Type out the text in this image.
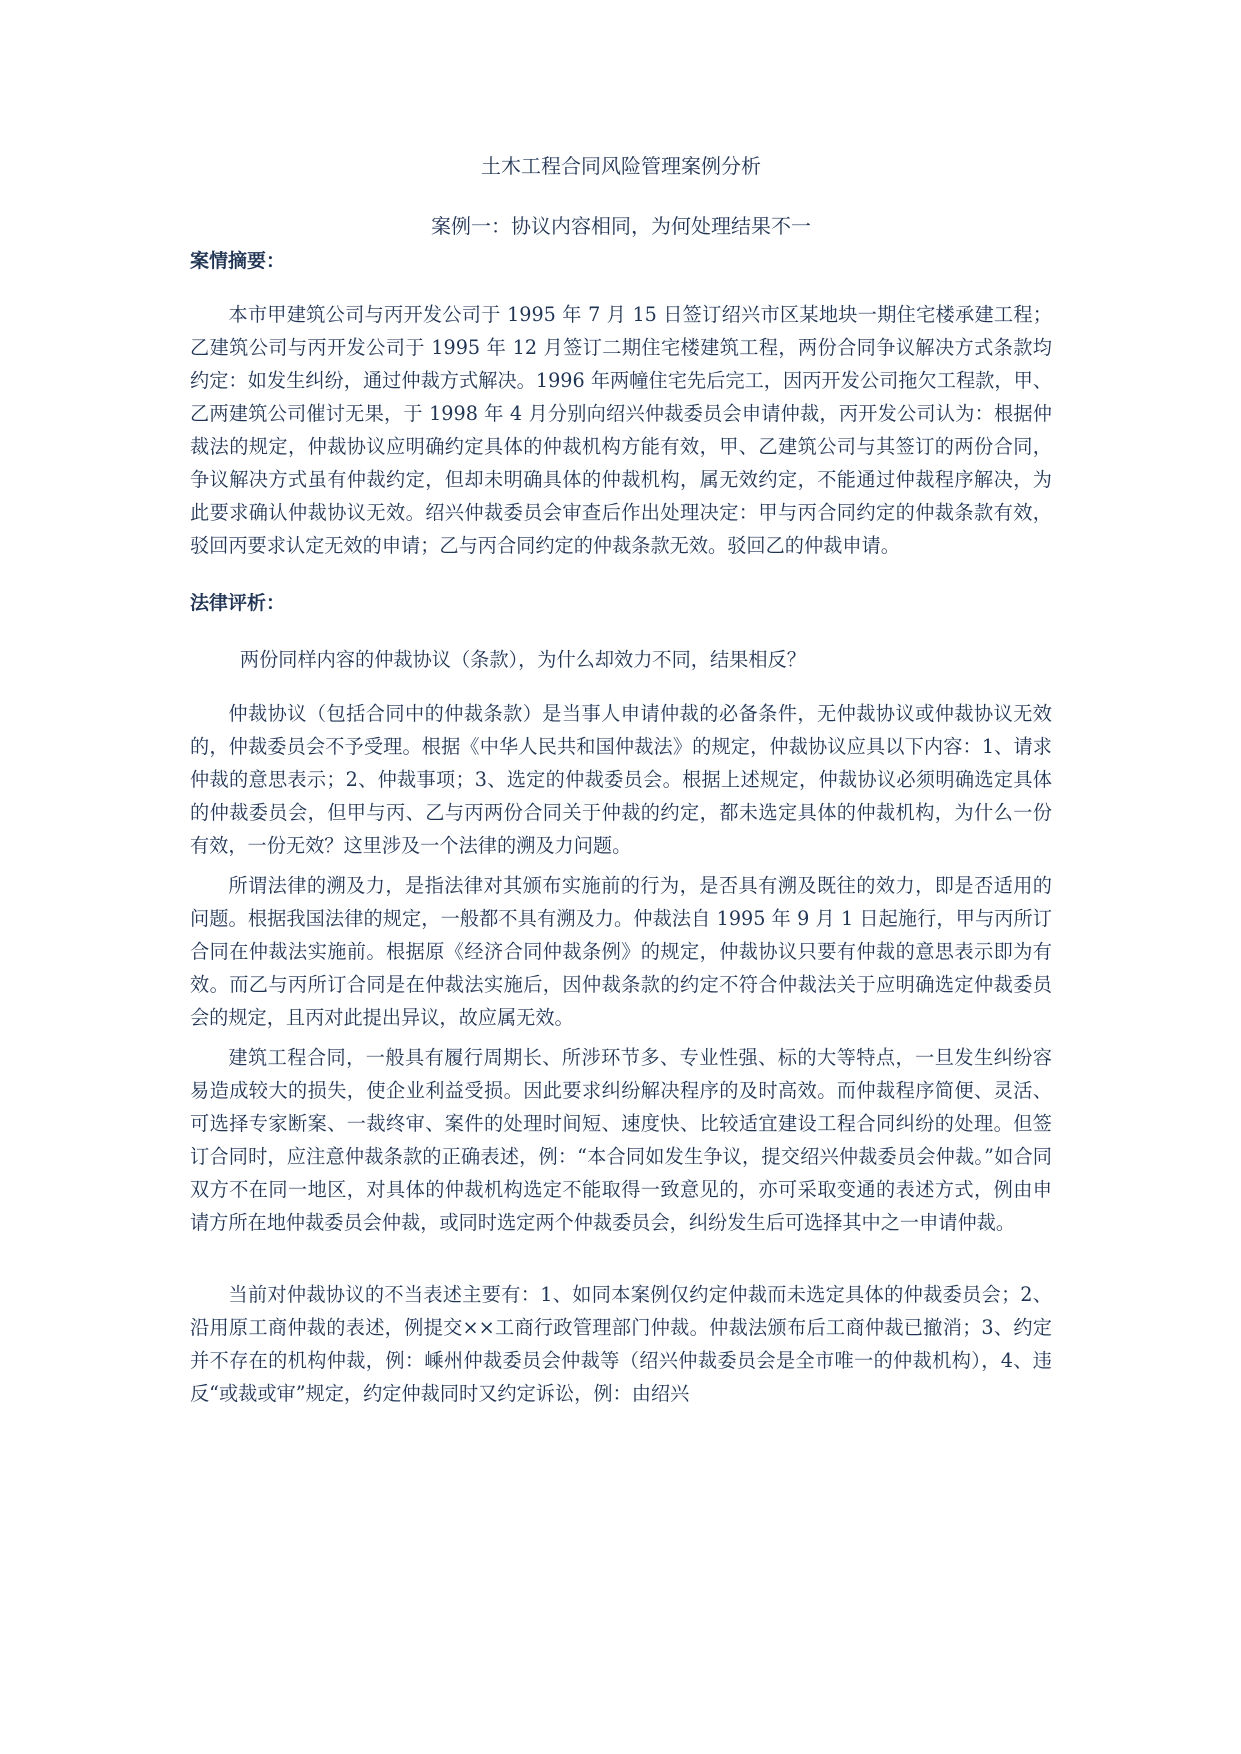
土木工程合同风险管理案例分析
案例一：协议内容相同，为何处理结果不一
案情摘要：

本市甲建筑公司与丙开发公司于 1995 年 7 月 15 日签订绍兴市区某地块一期住宅楼承建工程；乙建筑公司与丙开发公司于 1995 年 12 月签订二期住宅楼建筑工程，两份合同争议解决方式条款均约定：如发生纠纷，通过仲裁方式解决。1996 年两幢住宅先后完工，因丙开发公司拖欠工程款，甲、乙两建筑公司催讨无果，于 1998 年 4 月分别向绍兴仲裁委员会申请仲裁，丙开发公司认为：根据仲裁法的规定，仲裁协议应明确约定具体的仲裁机构方能有效，甲、乙建筑公司与其签订的两份合同，争议解决方式虽有仲裁约定，但却未明确具体的仲裁机构，属无效约定，不能通过仲裁程序解决，为此要求确认仲裁协议无效。绍兴仲裁委员会审查后作出处理决定：甲与丙合同约定的仲裁条款有效，驳回丙要求认定无效的申请；乙与丙合同约定的仲裁条款无效。驳回乙的仲裁申请。

法律评析：

两份同样内容的仲裁协议（条款），为什么却效力不同，结果相反？

仲裁协议（包括合同中的仲裁条款）是当事人申请仲裁的必备条件，无仲裁协议或仲裁协议无效的，仲裁委员会不予受理。根据《中华人民共和国仲裁法》的规定，仲裁协议应具以下内容：1、请求仲裁的意思表示；2、仲裁事项；3、选定的仲裁委员会。根据上述规定，仲裁协议必须明确选定具体的仲裁委员会，但甲与丙、乙与丙两份合同关于仲裁的约定，都未选定具体的仲裁机构，为什么一份有效，一份无效？这里涉及一个法律的溯及力问题。

所谓法律的溯及力，是指法律对其颁布实施前的行为，是否具有溯及既往的效力，即是否适用的问题。根据我国法律的规定，一般都不具有溯及力。仲裁法自 1995 年 9 月 1 日起施行，甲与丙所订合同在仲裁法实施前。根据原《经济合同仲裁条例》的规定，仲裁协议只要有仲裁的意思表示即为有效。而乙与丙所订合同是在仲裁法实施后，因仲裁条款的约定不符合仲裁法关于应明确选定仲裁委员会的规定，且丙对此提出异议，故应属无效。

建筑工程合同，一般具有履行周期长、所涉环节多、专业性强、标的大等特点，一旦发生纠纷容易造成较大的损失，使企业利益受损。因此要求纠纷解决程序的及时高效。而仲裁程序简便、灵活、可选择专家断案、一裁终审、案件的处理时间短、速度快、比较适宜建设工程合同纠纷的处理。但签订合同时，应注意仲裁条款的正确表述，例：“本合同如发生争议，提交绍兴仲裁委员会仲裁。”如合同双方不在同一地区，对具体的仲裁机构选定不能取得一致意见的，亦可采取变通的表述方式，例由申请方所在地仲裁委员会仲裁，或同时选定两个仲裁委员会，纠纷发生后可选择其中之一申请仲裁。

当前对仲裁协议的不当表述主要有：1、如同本案例仅约定仲裁而未选定具体的仲裁委员会；2、沿用原工商仲裁的表述，例提交××工商行政管理部门仲裁。仲裁法颁布后工商仲裁已撤消；3、约定并不存在的机构仲裁，例：嵊州仲裁委员会仲裁等（绍兴仲裁委员会是全市唯一的仲裁机构），4、违反“或裁或审”规定，约定仲裁同时又约定诉讼，例：由绍兴
